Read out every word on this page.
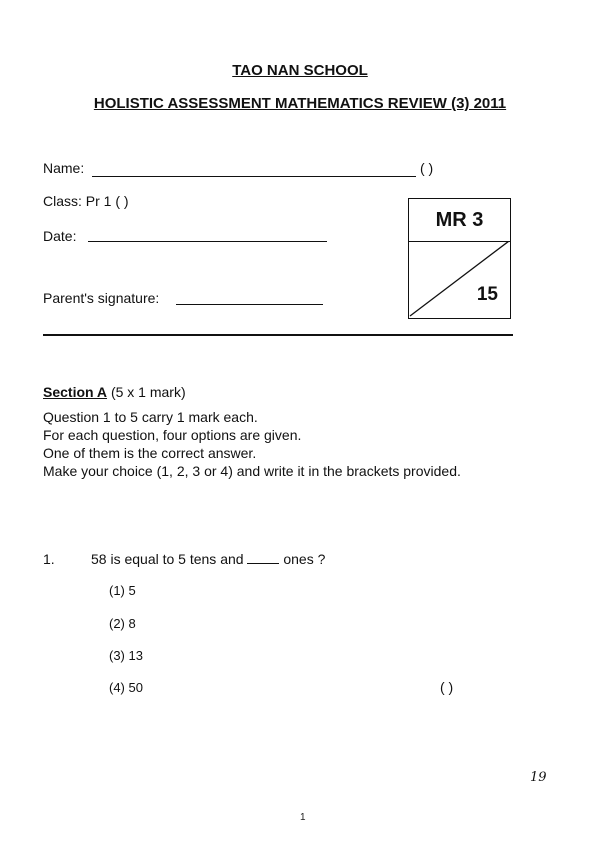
TAO NAN SCHOOL
HOLISTIC ASSESSMENT MATHEMATICS REVIEW (3) 2011
Name:	( )
Class: Pr 1 ( )
Date:
Parent's signature:
MR 3
15
Section A (5 x 1 mark)
Question 1 to 5 carry 1 mark each.
For each question, four options are given.
One of them is the correct answer.
Make your choice (1, 2, 3 or 4) and write it in the brackets provided.
1.	58 is equal to 5 tens and	ones ?
(1) 5
(2) 8
(3) 13
(4) 50	( )
19
1
